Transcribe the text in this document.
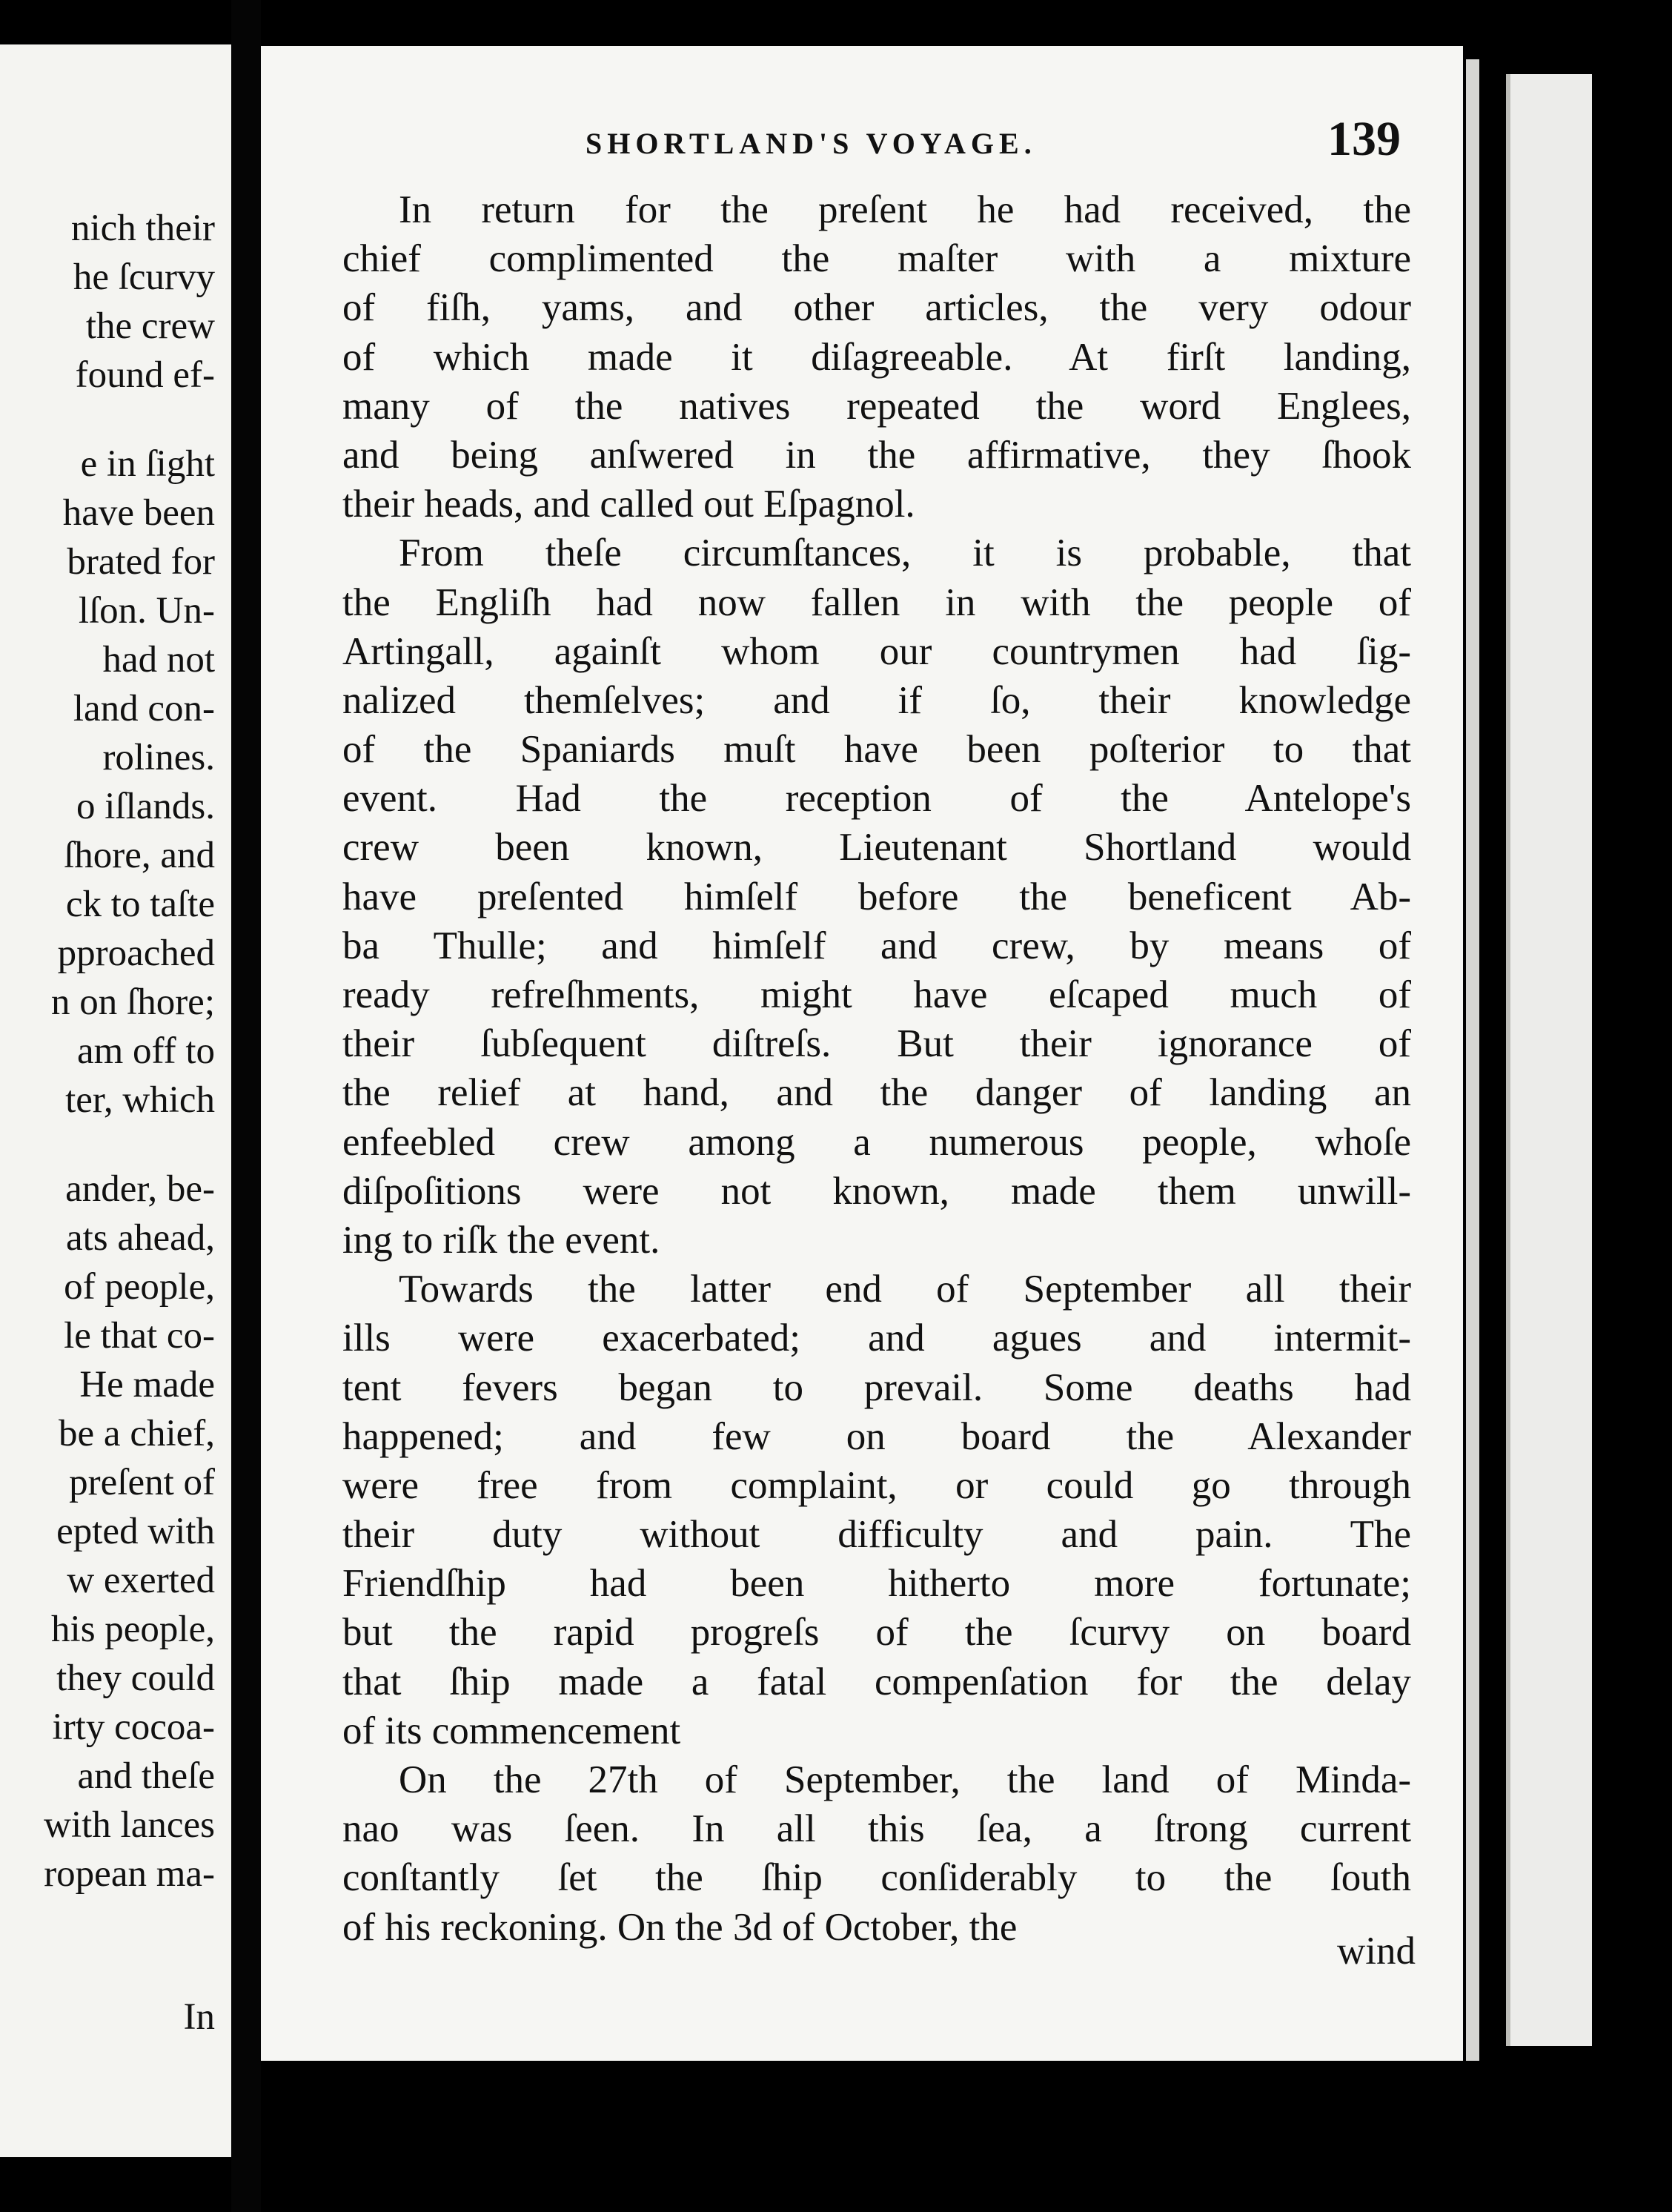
nich their
he ſcurvy
the crew
found ef-
e in ſight
have been
brated for
lſon. Un-
had not
land con-
rolines.
o iſlands.
ſhore, and
ck to taſte
pproached
n on ſhore;
am off to
ter, which
ander, be-
ats ahead,
of people,
le that co-
He made
be a chief,
preſent of
epted with
w exerted
his people,
they could
irty cocoa-
and theſe
with lances
ropean ma-
In
SHORTLAND'S VOYAGE.	139
In return for the preſent he had received, the
chief complimented the maſter with a mixture
of fiſh, yams, and other articles, the very odour
of which made it diſagreeable. At firſt landing,
many of the natives repeated the word Englees,
and being anſwered in the affirmative, they ſhook
their heads, and called out Eſpagnol.
From theſe circumſtances, it is probable, that
the Engliſh had now fallen in with the people of
Artingall, againſt whom our countrymen had ſig-
nalized themſelves; and if ſo, their knowledge
of the Spaniards muſt have been poſterior to that
event. Had the reception of the Antelope's
crew been known, Lieutenant Shortland would
have preſented himſelf before the beneficent Ab-
ba Thulle; and himſelf and crew, by means of
ready refreſhments, might have eſcaped much of
their ſubſequent diſtreſs. But their ignorance of
the relief at hand, and the danger of landing an
enfeebled crew among a numerous people, whoſe
diſpoſitions were not known, made them unwill-
ing to riſk the event.
Towards the latter end of September all their
ills were exacerbated; and agues and intermit-
tent fevers began to prevail. Some deaths had
happened; and few on board the Alexander
were free from complaint, or could go through
their duty without difficulty and pain. The
Friendſhip had been hitherto more fortunate;
but the rapid progreſs of the ſcurvy on board
that ſhip made a fatal compenſation for the delay
of its commencement
On the 27th of September, the land of Minda-
nao was ſeen. In all this ſea, a ſtrong current
conſtantly ſet the ſhip conſiderably to the ſouth
of his reckoning. On the 3d of October, the
wind
